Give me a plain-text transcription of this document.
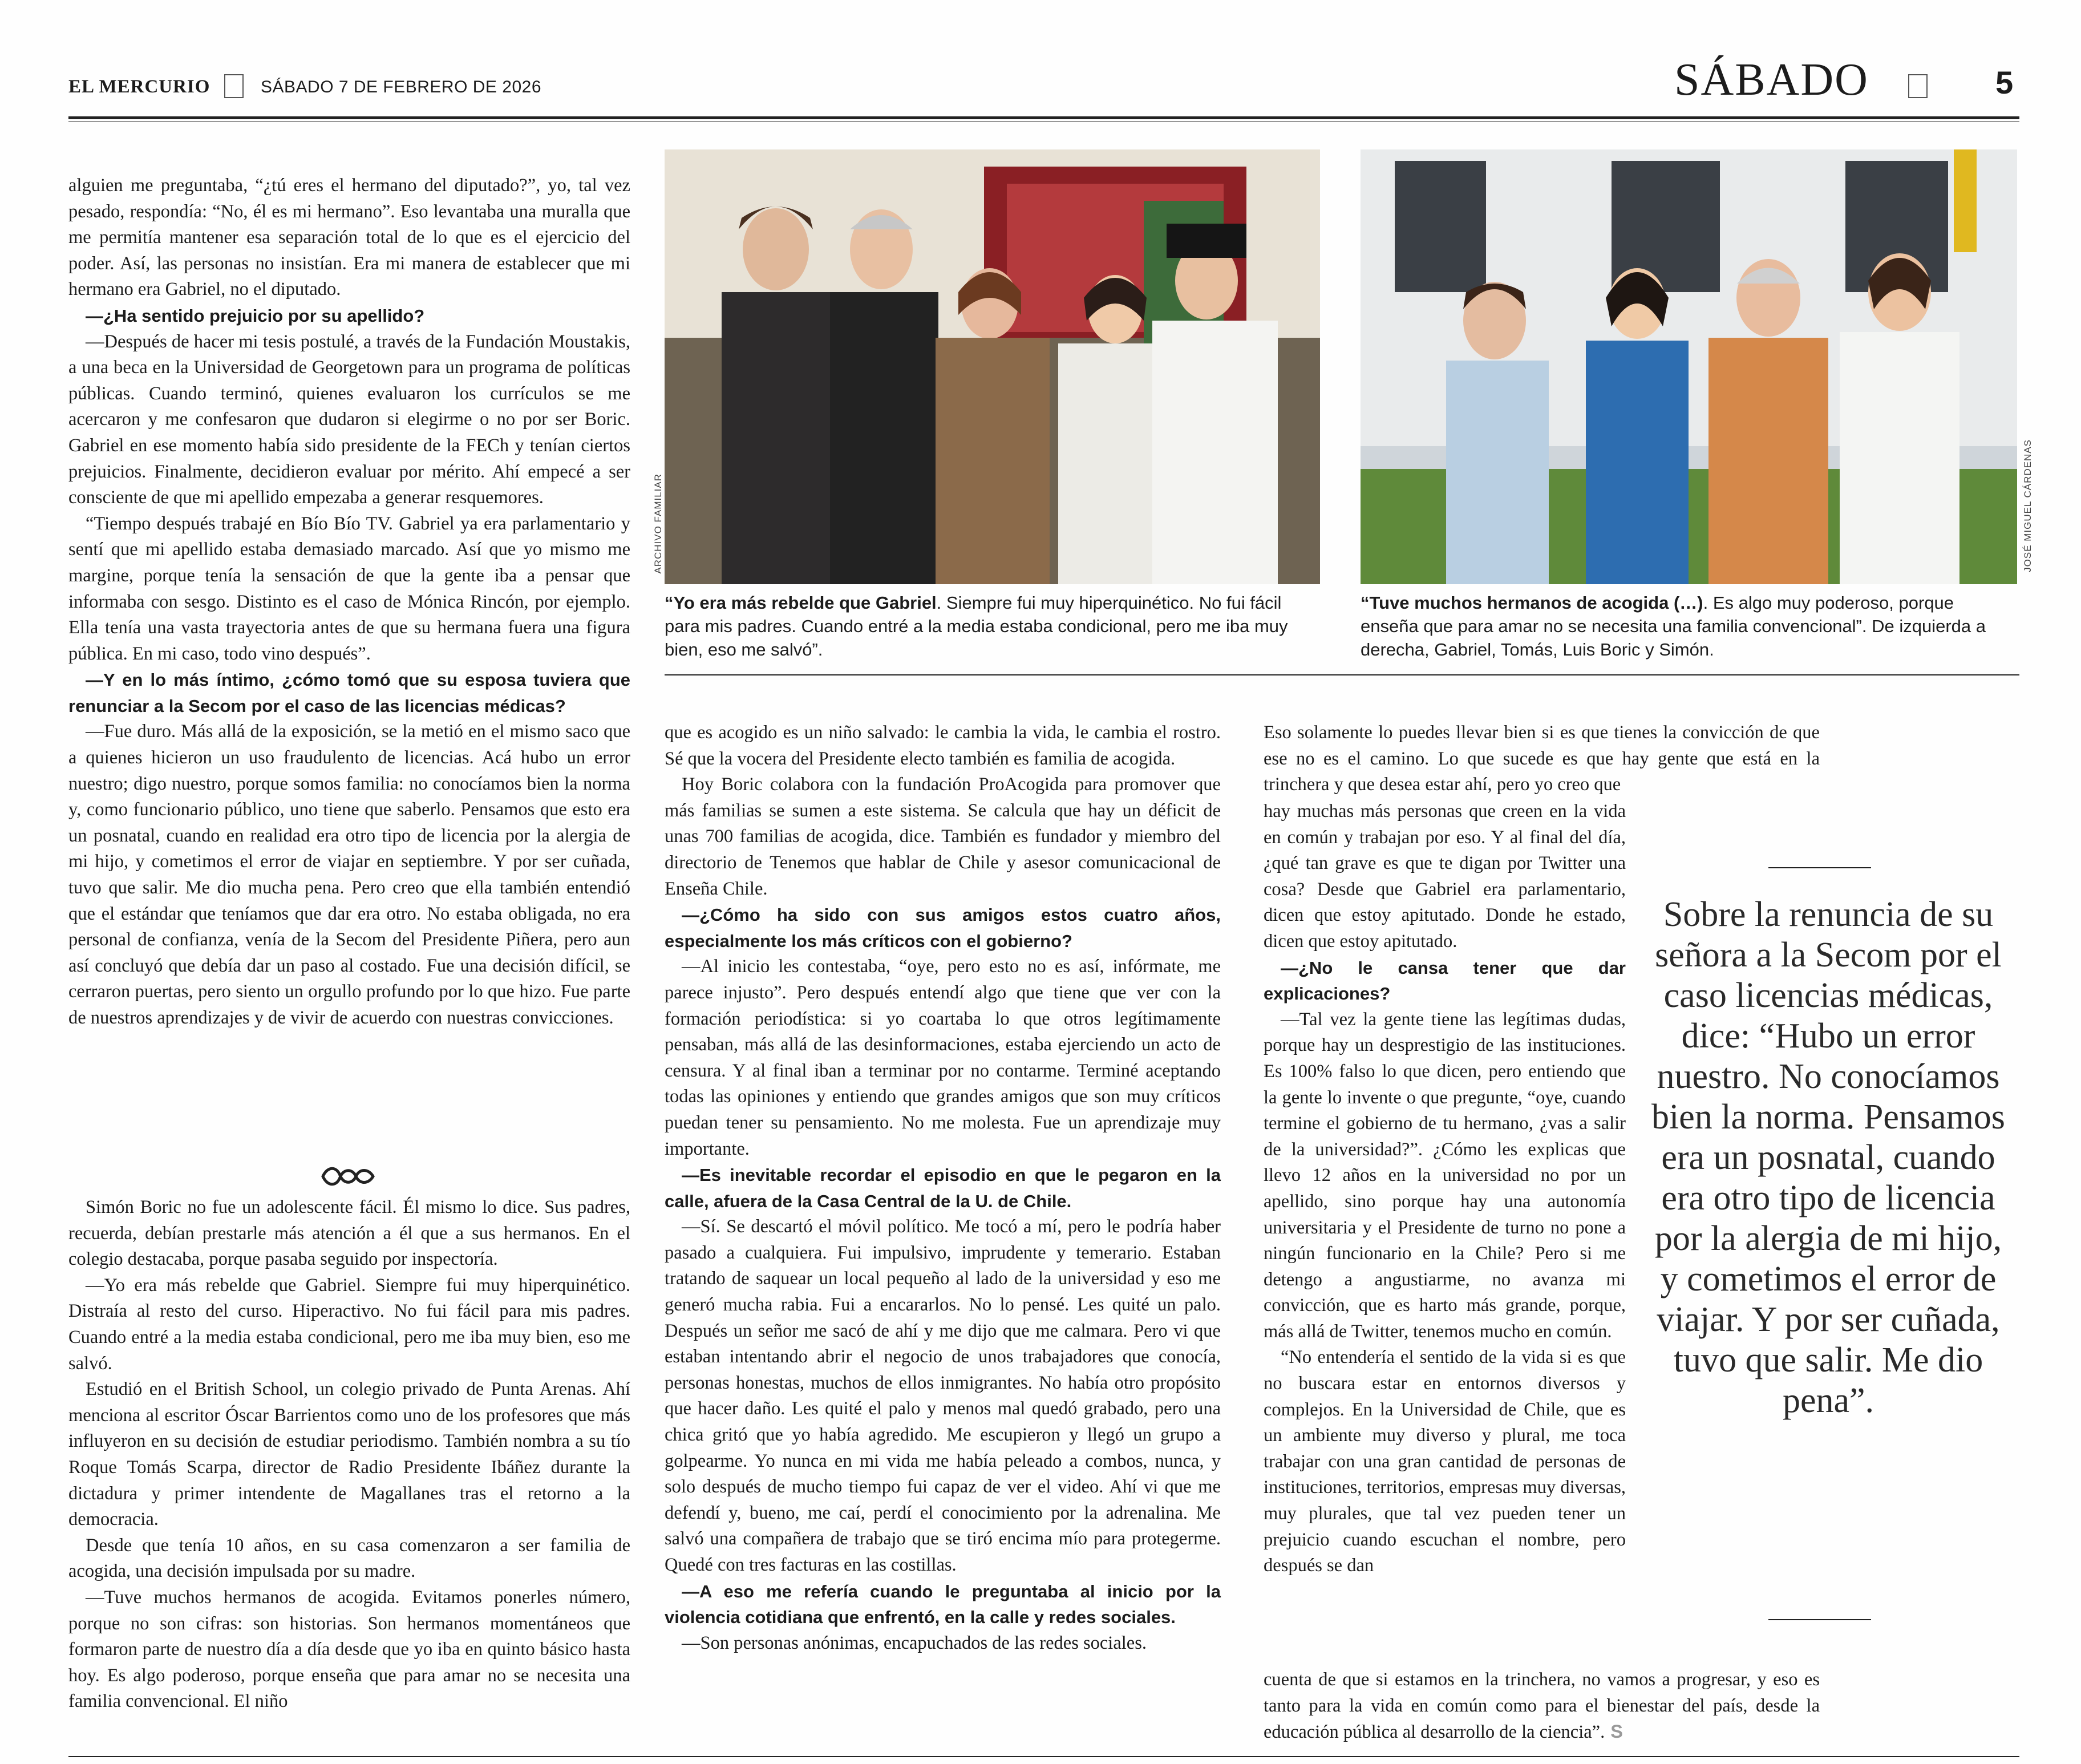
EL MERCURIO	SÁBADO 7 DE FEBRERO DE 2026	SÁBADO	5

alguien me preguntaba, “¿tú eres el hermano del diputado?”, yo, tal vez pesado, respondía: “No, él es mi hermano”. Eso levantaba una muralla que me permitía mantener esa separación total de lo que es el ejercicio del poder. Así, las personas no insistían. Era mi manera de establecer que mi hermano era Gabriel, no el diputado.

—¿Ha sentido prejuicio por su apellido?

—Después de hacer mi tesis postulé, a través de la Fundación Moustakis, a una beca en la Universidad de Georgetown para un programa de políticas públicas. Cuando terminó, quienes evaluaron los currículos se me acercaron y me confesaron que dudaron si elegirme o no por ser Boric. Gabriel en ese momento había sido presidente de la FECh y tenían ciertos prejuicios. Finalmente, decidieron evaluar por mérito. Ahí empecé a ser consciente de que mi apellido empezaba a generar resquemores.

“Tiempo después trabajé en Bío Bío TV. Gabriel ya era parlamentario y sentí que mi apellido estaba demasiado marcado. Así que yo mismo me margine, porque tenía la sensación de que la gente iba a pensar que informaba con sesgo. Distinto es el caso de Mónica Rincón, por ejemplo. Ella tenía una vasta trayectoria antes de que su hermana fuera una figura pública. En mi caso, todo vino después”.

—Y en lo más íntimo, ¿cómo tomó que su esposa tuviera que renunciar a la Secom por el caso de las licencias médicas?

—Fue duro. Más allá de la exposición, se la metió en el mismo saco que a quienes hicieron un uso fraudulento de licencias. Acá hubo un error nuestro; digo nuestro, porque somos familia: no conocíamos bien la norma y, como funcionario público, uno tiene que saberlo. Pensamos que esto era un posnatal, cuando en realidad era otro tipo de licencia por la alergia de mi hijo, y cometimos el error de viajar en septiembre. Y por ser cuñada, tuvo que salir. Me dio mucha pena. Pero creo que ella también entendió que el estándar que teníamos que dar era otro. No estaba obligada, no era personal de confianza, venía de la Secom del Presidente Piñera, pero aun así concluyó que debía dar un paso al costado. Fue una decisión difícil, se cerraron puertas, pero siento un orgullo profundo por lo que hizo. Fue parte de nuestros aprendizajes y de vivir de acuerdo con nuestras convicciones.

Simón Boric no fue un adolescente fácil. Él mismo lo dice. Sus padres, recuerda, debían prestarle más atención a él que a sus hermanos. En el colegio destacaba, porque pasaba seguido por inspectoría.

—Yo era más rebelde que Gabriel. Siempre fui muy hiperquinético. Distraía al resto del curso. Hiperactivo. No fui fácil para mis padres. Cuando entré a la media estaba condicional, pero me iba muy bien, eso me salvó.

Estudió en el British School, un colegio privado de Punta Arenas. Ahí menciona al escritor Óscar Barrientos como uno de los profesores que más influyeron en su decisión de estudiar periodismo. También nombra a su tío Roque Tomás Scarpa, director de Radio Presidente Ibáñez durante la dictadura y primer intendente de Magallanes tras el retorno a la democracia.

Desde que tenía 10 años, en su casa comenzaron a ser familia de acogida, una decisión impulsada por su madre.

—Tuve muchos hermanos de acogida. Evitamos ponerles número, porque no son cifras: son historias. Son hermanos momentáneos que formaron parte de nuestro día a día desde que yo iba en quinto básico hasta hoy. Es algo poderoso, porque enseña que para amar no se necesita una familia convencional. El niño

ARCHIVO FAMILIAR
“Yo era más rebelde que Gabriel. Siempre fui muy hiperquinético. No fui fácil para mis padres. Cuando entré a la media estaba condicional, pero me iba muy bien, eso me salvó”.
JOSÉ MIGUEL CÁRDENAS
“Tuve muchos hermanos de acogida (…). Es algo muy poderoso, porque enseña que para amar no se necesita una familia convencional”. De izquierda a derecha, Gabriel, Tomás, Luis Boric y Simón.

que es acogido es un niño salvado: le cambia la vida, le cambia el rostro. Sé que la vocera del Presidente electo también es familia de acogida.

Hoy Boric colabora con la fundación ProAcogida para promover que más familias se sumen a este sistema. Se calcula que hay un déficit de unas 700 familias de acogida, dice. También es fundador y miembro del directorio de Tenemos que hablar de Chile y asesor comunicacional de Enseña Chile.

—¿Cómo ha sido con sus amigos estos cuatro años, especialmente los más críticos con el gobierno?

—Al inicio les contestaba, “oye, pero esto no es así, infórmate, me parece injusto”. Pero después entendí algo que tiene que ver con la formación periodística: si yo coartaba lo que otros legítimamente pensaban, más allá de las desinformaciones, estaba ejerciendo un acto de censura. Y al final iban a terminar por no contarme. Terminé aceptando todas las opiniones y entiendo que grandes amigos que son muy críticos puedan tener su pensamiento. No me molesta. Fue un aprendizaje muy importante.

—Es inevitable recordar el episodio en que le pegaron en la calle, afuera de la Casa Central de la U. de Chile.

—Sí. Se descartó el móvil político. Me tocó a mí, pero le podría haber pasado a cualquiera. Fui impulsivo, imprudente y temerario. Estaban tratando de saquear un local pequeño al lado de la universidad y eso me generó mucha rabia. Fui a encararlos. No lo pensé. Les quité un palo. Después un señor me sacó de ahí y me dijo que me calmara. Pero vi que estaban intentando abrir el negocio de unos trabajadores que conocía, personas honestas, muchos de ellos inmigrantes. No había otro propósito que hacer daño. Les quité el palo y menos mal quedó grabado, pero una chica gritó que yo había agredido. Me escupieron y llegó un grupo a golpearme. Yo nunca en mi vida me había peleado a combos, nunca, y solo después de mucho tiempo fui capaz de ver el video. Ahí vi que me defendí y, bueno, me caí, perdí el conocimiento por la adrenalina. Me salvó una compañera de trabajo que se tiró encima mío para protegerme. Quedé con tres facturas en las costillas.

—A eso me refería cuando le preguntaba al inicio por la violencia cotidiana que enfrentó, en la calle y redes sociales.

—Son personas anónimas, encapuchados de las redes sociales.

Eso solamente lo puedes llevar bien si es que tienes la convicción de que ese no es el camino. Lo que sucede es que hay gente que está en la trinchera y que desea estar ahí, pero yo creo que

hay muchas más personas que creen en la vida en común y trabajan por eso. Y al final del día, ¿qué tan grave es que te digan por Twitter una cosa? Desde que Gabriel era parlamentario, dicen que estoy apitutado. Donde he estado, dicen que estoy apitutado.

—¿No le cansa tener que dar explicaciones?

—Tal vez la gente tiene las legítimas dudas, porque hay un desprestigio de las instituciones. Es 100% falso lo que dicen, pero entiendo que la gente lo invente o que pregunte, “oye, cuando termine el gobierno de tu hermano, ¿vas a salir de la universidad?”. ¿Cómo les explicas que llevo 12 años en la universidad no por un apellido, sino porque hay una autonomía universitaria y el Presidente de turno no pone a ningún funcionario en la Chile? Pero si me detengo a angustiarme, no avanza mi convicción, que es harto más grande, porque, más allá de Twitter, tenemos mucho en común.

“No entendería el sentido de la vida si es que no buscara estar en entornos diversos y complejos. En la Universidad de Chile, que es un ambiente muy diverso y plural, me toca trabajar con una gran cantidad de personas de instituciones, territorios, empresas muy diversas, muy plurales, que tal vez pueden tener un prejuicio cuando escuchan el nombre, pero después se dan

cuenta de que si estamos en la trinchera, no vamos a progresar, y eso es tanto para la vida en común como para el bienestar del país, desde la educación pública al desarrollo de la ciencia”. S
Sobre la renuncia de su señora a la Secom por el caso licencias médicas, dice: “Hubo un error nuestro. No conocíamos bien la norma. Pensamos era un posnatal, cuando era otro tipo de licencia por la alergia de mi hijo, y cometimos el error de viajar. Y por ser cuñada, tuvo que salir. Me dio pena”.
